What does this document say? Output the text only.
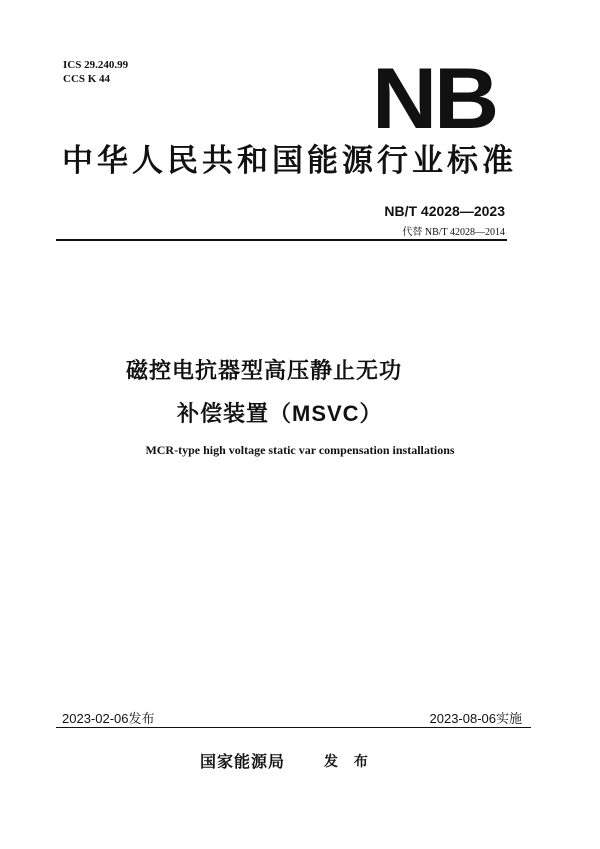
ICS 29.240.99
CCS K 44	NB
中华人民共和国能源行业标准
NB/T 42028—2023
代替 NB/T 42028—2014
磁控电抗器型高压静止无功
补偿装置（MSVC）
MCR-type high voltage static var compensation installations
2023-02-06发布	2023-08-06实施
国家能源局	发 布
